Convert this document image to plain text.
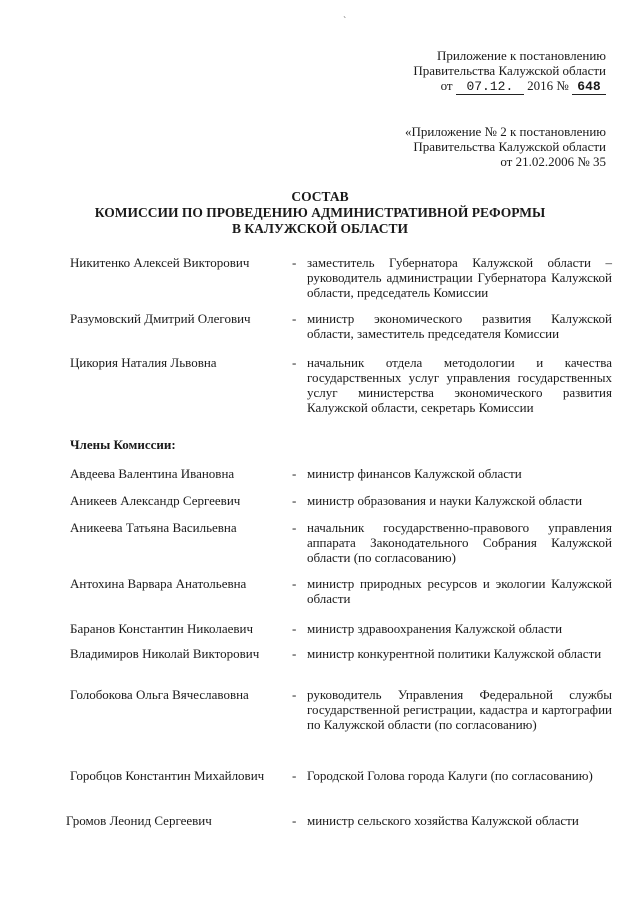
`
Приложение к постановлению
Правительства Калужской области
от 07.12. 2016 № 648
«Приложение № 2 к постановлению
Правительства Калужской области
от 21.02.2006 № 35
СОСТАВ
КОМИССИИ ПО ПРОВЕДЕНИЮ АДМИНИСТРАТИВНОЙ РЕФОРМЫ
В КАЛУЖСКОЙ ОБЛАСТИ
Никитенко Алексей Викторович	- заместитель Губернатора Калужской области – руководитель администрации Губернатора Калужской области, председатель Комиссии
Разумовский Дмитрий Олегович	- министр экономического развития Калужской области, заместитель председателя Комиссии
Цикория Наталия Львовна	- начальник отдела методологии и качества государственных услуг управления государственных услуг министерства экономического развития Калужской области, секретарь Комиссии
Члены Комиссии:
Авдеева Валентина Ивановна	- министр финансов Калужской области
Аникеев Александр Сергеевич	- министр образования и науки Калужской области
Аникеева Татьяна Васильевна	- начальник государственно-правового управления аппарата Законодательного Собрания Калужской области (по согласованию)
Антохина Варвара Анатольевна	- министр природных ресурсов и экологии Калужской области
Баранов Константин Николаевич	- министр здравоохранения Калужской области
Владимиров Николай Викторович	- министр конкурентной политики Калужской области
Голобокова Ольга Вячеславовна	- руководитель Управления Федеральной службы государственной регистрации, кадастра и картографии по Калужской области (по согласованию)
Горобцов Константин Михайлович - Городской Голова города Калуги (по согласованию)
Громов Леонид Сергеевич	- министр сельского хозяйства Калужской области
